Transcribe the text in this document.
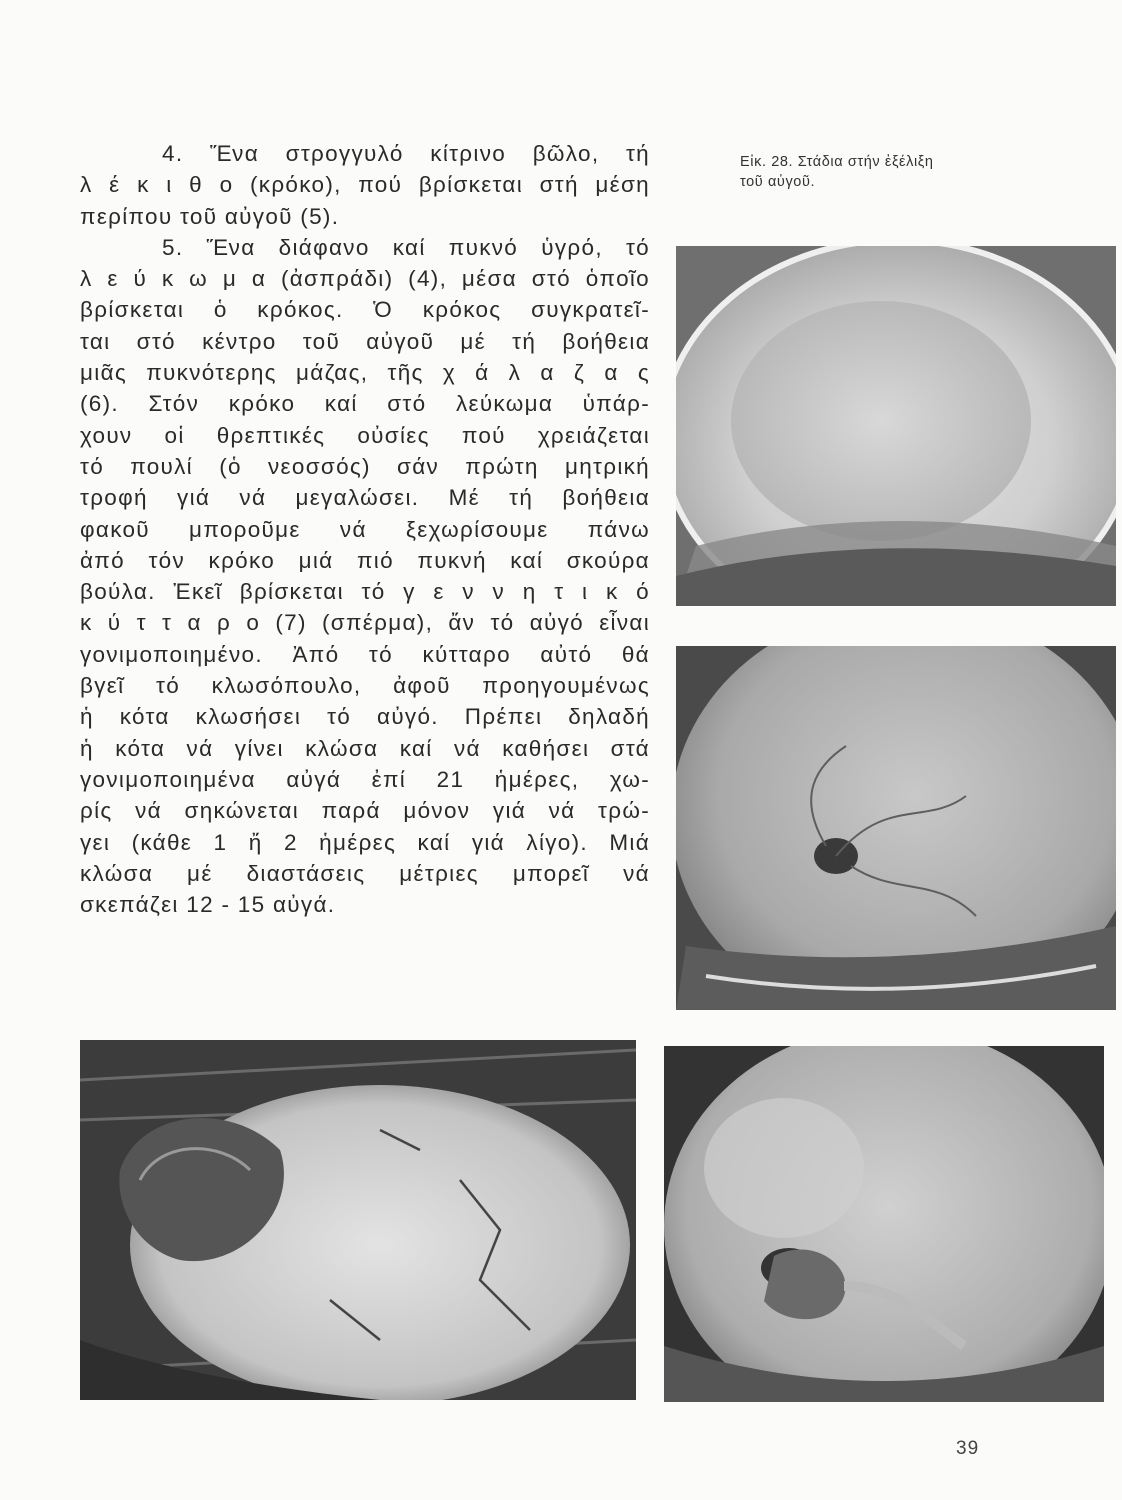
4. Ἕνα στρογγυλό κίτρινο βῶλο, τή
λ έ κ ι θ ο (κρόκο), πού βρίσκεται στή μέση
περίπου τοῦ αὐγοῦ (5).
5. Ἕνα διάφανο καί πυκνό ὑγρό, τό
λ ε ύ κ ω μ α (ἀσπράδι) (4), μέσα στό ὁποῖο
βρίσκεται ὁ κρόκος. Ὁ κρόκος συγκρατεῖ-
ται στό κέντρο τοῦ αὐγοῦ μέ τή βοήθεια
μιᾶς πυκνότερης μάζας, τῆς χ ά λ α ζ α ς
(6). Στόν κρόκο καί στό λεύκωμα ὑπάρ-
χουν οἱ θρεπτικές οὐσίες πού χρειάζεται
τό πουλί (ὁ νεοσσός) σάν πρώτη μητρική
τροφή γιά νά μεγαλώσει. Μέ τή βοήθεια
φακοῦ μποροῦμε νά ξεχωρίσουμε πάνω
ἀπό τόν κρόκο μιά πιό πυκνή καί σκούρα
βούλα. Ἐκεῖ βρίσκεται τό γ ε ν ν η τ ι κ ό
κ ύ τ τ α ρ ο (7) (σπέρμα), ἄν τό αὐγό εἶναι
γονιμοποιημένο. Ἀπό τό κύτταρο αὐτό θά
βγεῖ τό κλωσόπουλο, ἀφοῦ προηγουμένως
ἡ κότα κλωσήσει τό αὐγό. Πρέπει δηλαδή
ἡ κότα νά γίνει κλώσα καί νά καθήσει στά
γονιμοποιημένα αὐγά ἐπί 21 ἡμέρες, χω-
ρίς νά σηκώνεται παρά μόνον γιά νά τρώ-
γει (κάθε 1 ἤ 2 ἡμέρες καί γιά λίγο). Μιά
κλώσα μέ διαστάσεις μέτριες μπορεῖ νά
σκεπάζει 12 - 15 αὐγά.
Εἰκ. 28. Στάδια στήν ἐξέλιξη
τοῦ αὐγοῦ.
39
